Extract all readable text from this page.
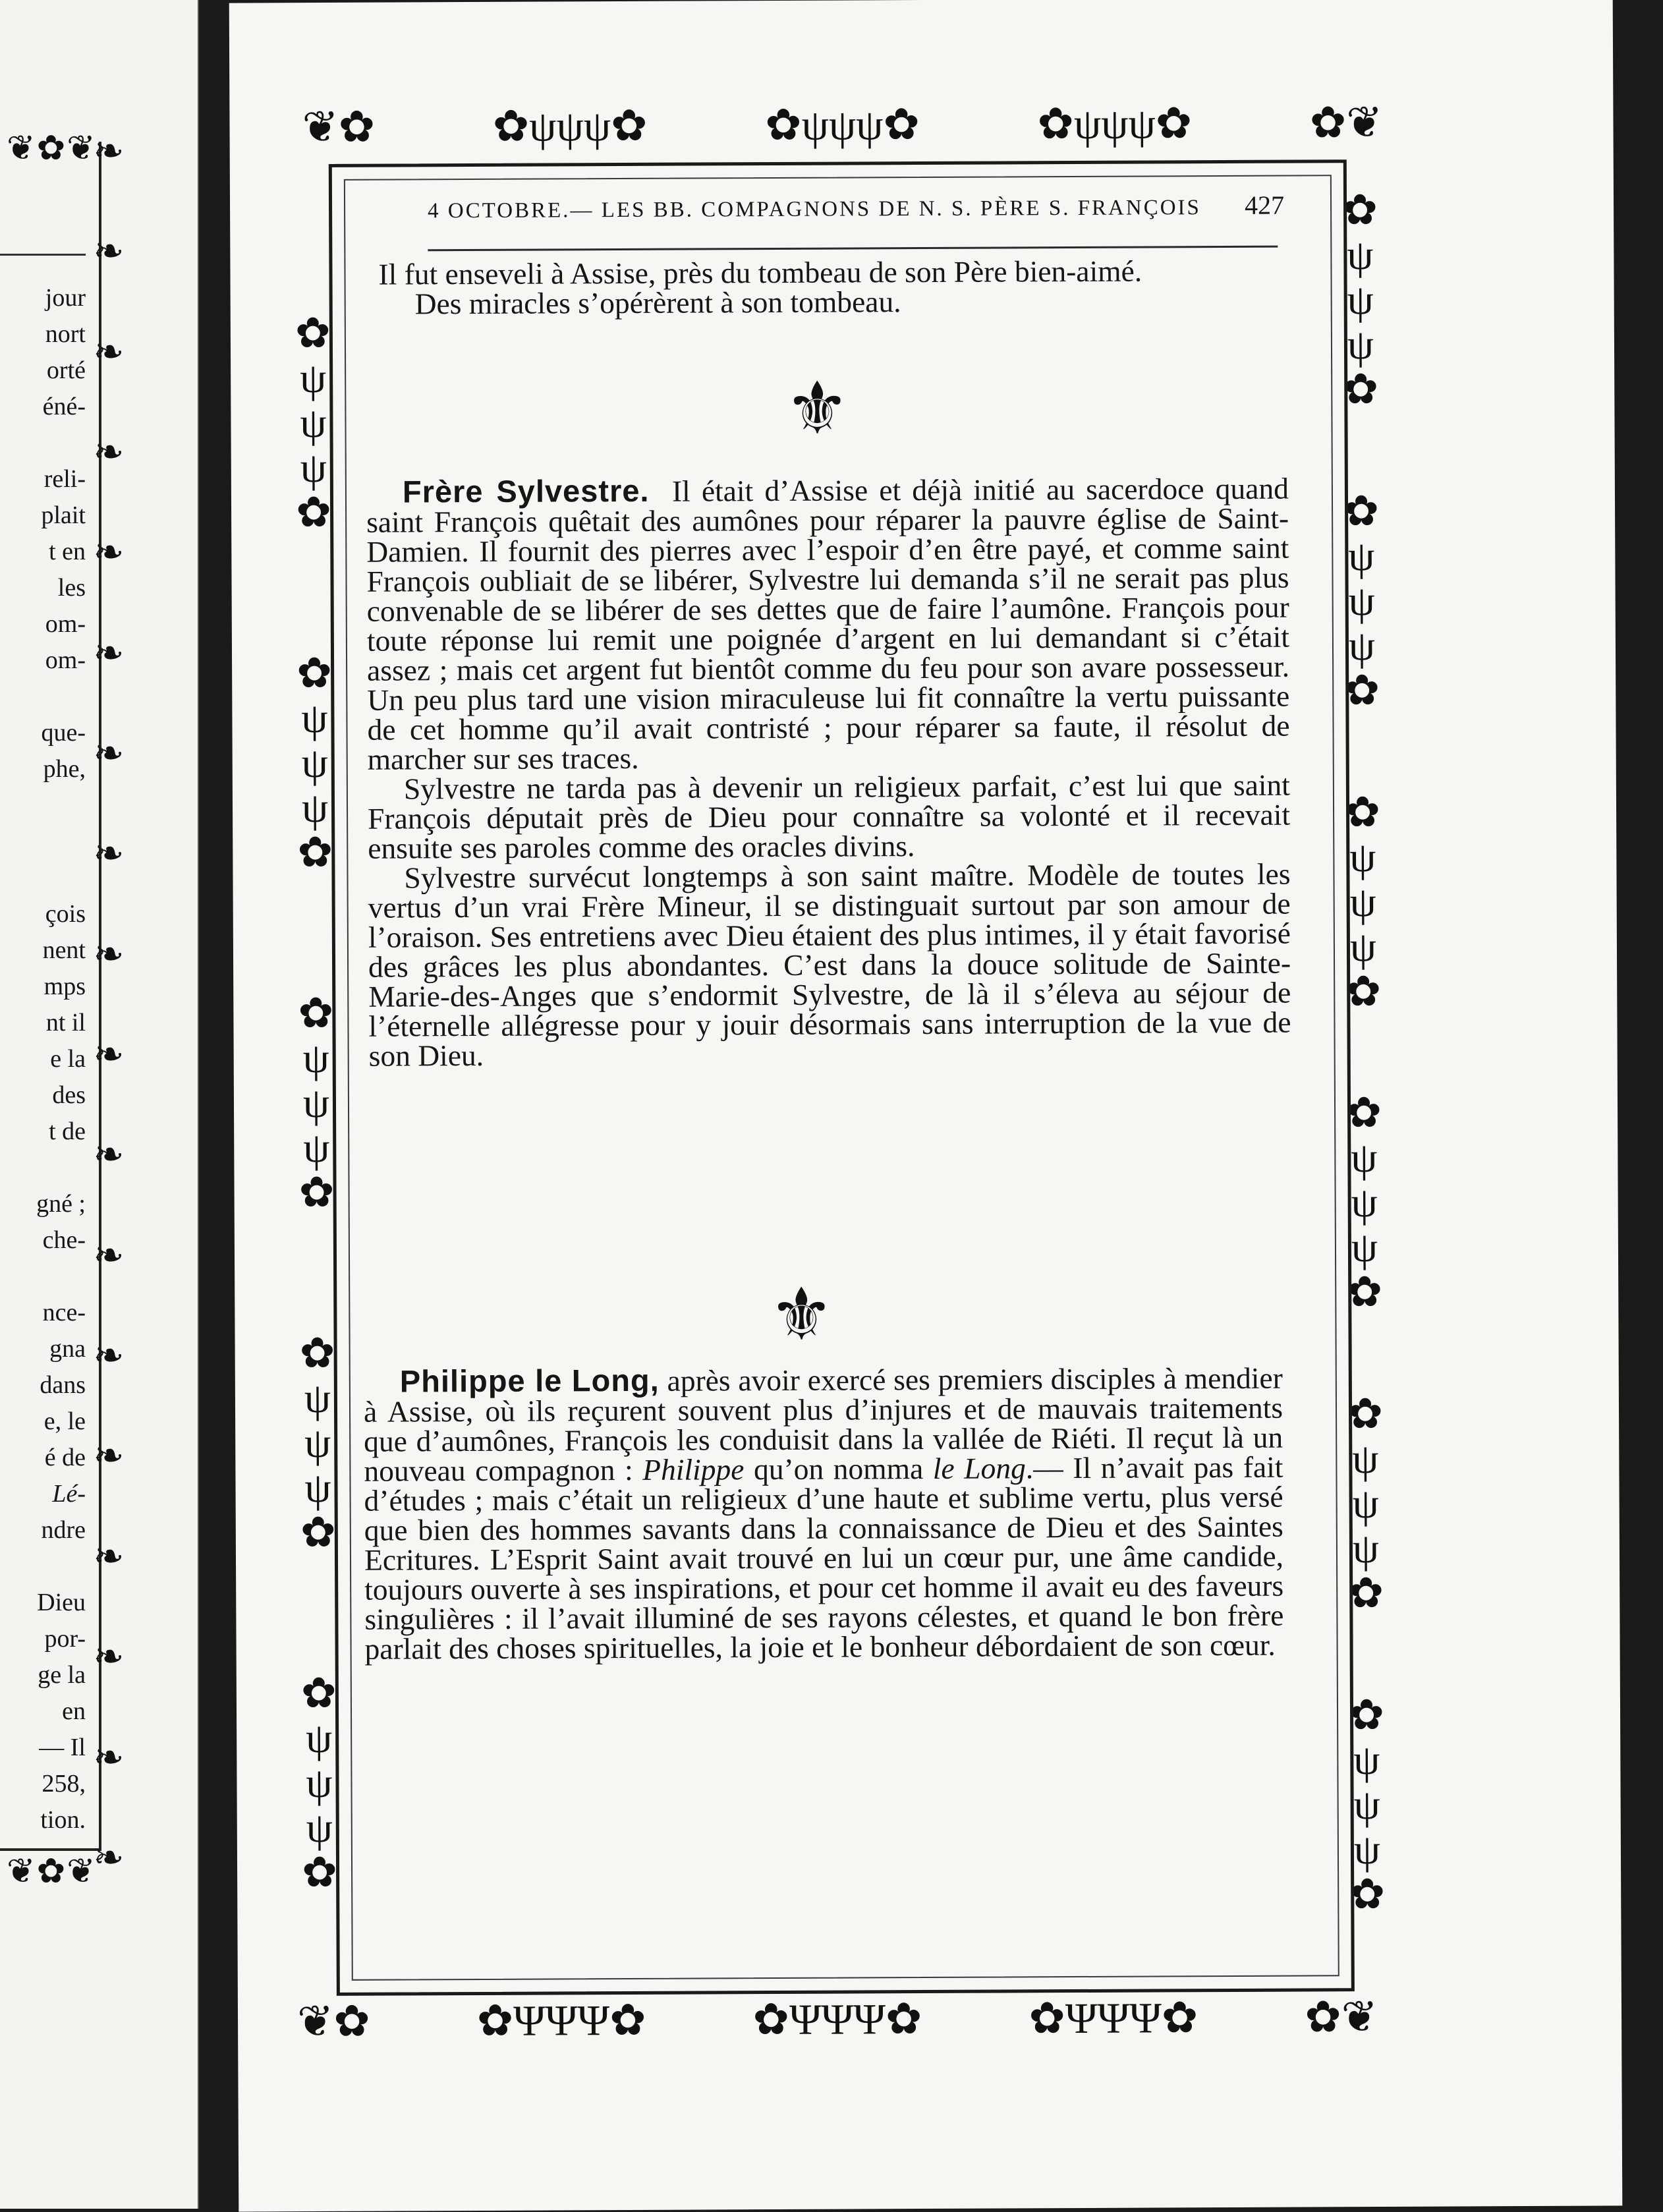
❦✿❦
❦✿❦
❧
❧
❧
❧
❧
❧
❧
❧
❧
❧
❧
❧
❧
❧
❧
❧
❧
❧
jour
nort
orté
éné-
reli-
plait
t en
les
om-
om-
que-
phe,
çois
nent
mps
nt il
e la
des
t de
gné ;
che-
nce-
gna
dans
e, le
é de
Lé-
ndre
Dieu
por-
ge la
en
— Il
258,
tion.
❦✿	✿ψψψ✿	✿ψψψ✿	✿ψψψ✿	✿❦
❦✿ ✿ΨΨΨ✿ ✿ΨΨΨ✿ ✿ΨΨΨ✿ ✿❦
✿
ψ
ψ
ψ
✿
✿
ψ
ψ
ψ
✿
✿
ψ
ψ
ψ
✿
✿
ψ
ψ
ψ
✿
✿
ψ
ψ
ψ
✿
✿
ψ
ψ
ψ
✿
✿
ψ
ψ
ψ
✿
✿
ψ
ψ
ψ
✿
✿
ψ
ψ
ψ
✿
✿
ψ
ψ
ψ
✿
✿
ψ
ψ
ψ
✿
4 OCTOBRE.— LES BB. COMPAGNONS DE N. S. PÈRE S. FRANÇOIS 427

Il fut enseveli à Assise, près du tombeau de son Père bien-aimé.

Des miracles s’opérèrent à son tombeau.

⚜

Frère Sylvestre. Il était d’Assise et déjà initié au sacerdoce quand saint François quêtait des aumônes pour réparer la pauvre église de Saint-Damien. Il fournit des pierres avec l’espoir d’en être payé, et comme saint François oubliait de se libérer, Sylvestre lui demanda s’il ne serait pas plus convenable de se libérer de ses dettes que de faire l’aumône. François pour toute réponse lui remit une poignée d’argent en lui demandant si c’était assez ; mais cet argent fut bientôt comme du feu pour son avare possesseur. Un peu plus tard une vision miraculeuse lui fit connaître la vertu puissante de cet homme qu’il avait contristé ; pour réparer sa faute, il résolut de marcher sur ses traces.

Sylvestre ne tarda pas à devenir un religieux parfait, c’est lui que saint François députait près de Dieu pour connaître sa volonté et il recevait ensuite ses paroles comme des oracles divins.

Sylvestre survécut longtemps à son saint maître. Modèle de toutes les vertus d’un vrai Frère Mineur, il se distinguait surtout par son amour de l’oraison. Ses entretiens avec Dieu étaient des plus intimes, il y était favorisé des grâces les plus abondantes. C’est dans la douce solitude de Sainte-Marie-des-Anges que s’endormit Sylvestre, de là il s’éleva au séjour de l’éternelle allégresse pour y jouir désormais sans interruption de la vue de son Dieu.

⚜

Philippe le Long, après avoir exercé ses premiers disciples à mendier à Assise, où ils reçurent souvent plus d’injures et de mauvais traitements que d’aumônes, François les conduisit dans la vallée de Riéti. Il reçut là un nouveau compagnon : Philippe qu’on nomma le Long.— Il n’avait pas fait d’études ; mais c’était un religieux d’une haute et sublime vertu, plus versé que bien des hommes savants dans la connaissance de Dieu et des Saintes Ecritures. L’Esprit Saint avait trouvé en lui un cœur pur, une âme candide, toujours ouverte à ses inspirations, et pour cet homme il avait eu des faveurs singulières : il l’avait illuminé de ses rayons célestes, et quand le bon frère parlait des choses spirituelles, la joie et le bonheur débordaient de son cœur.
